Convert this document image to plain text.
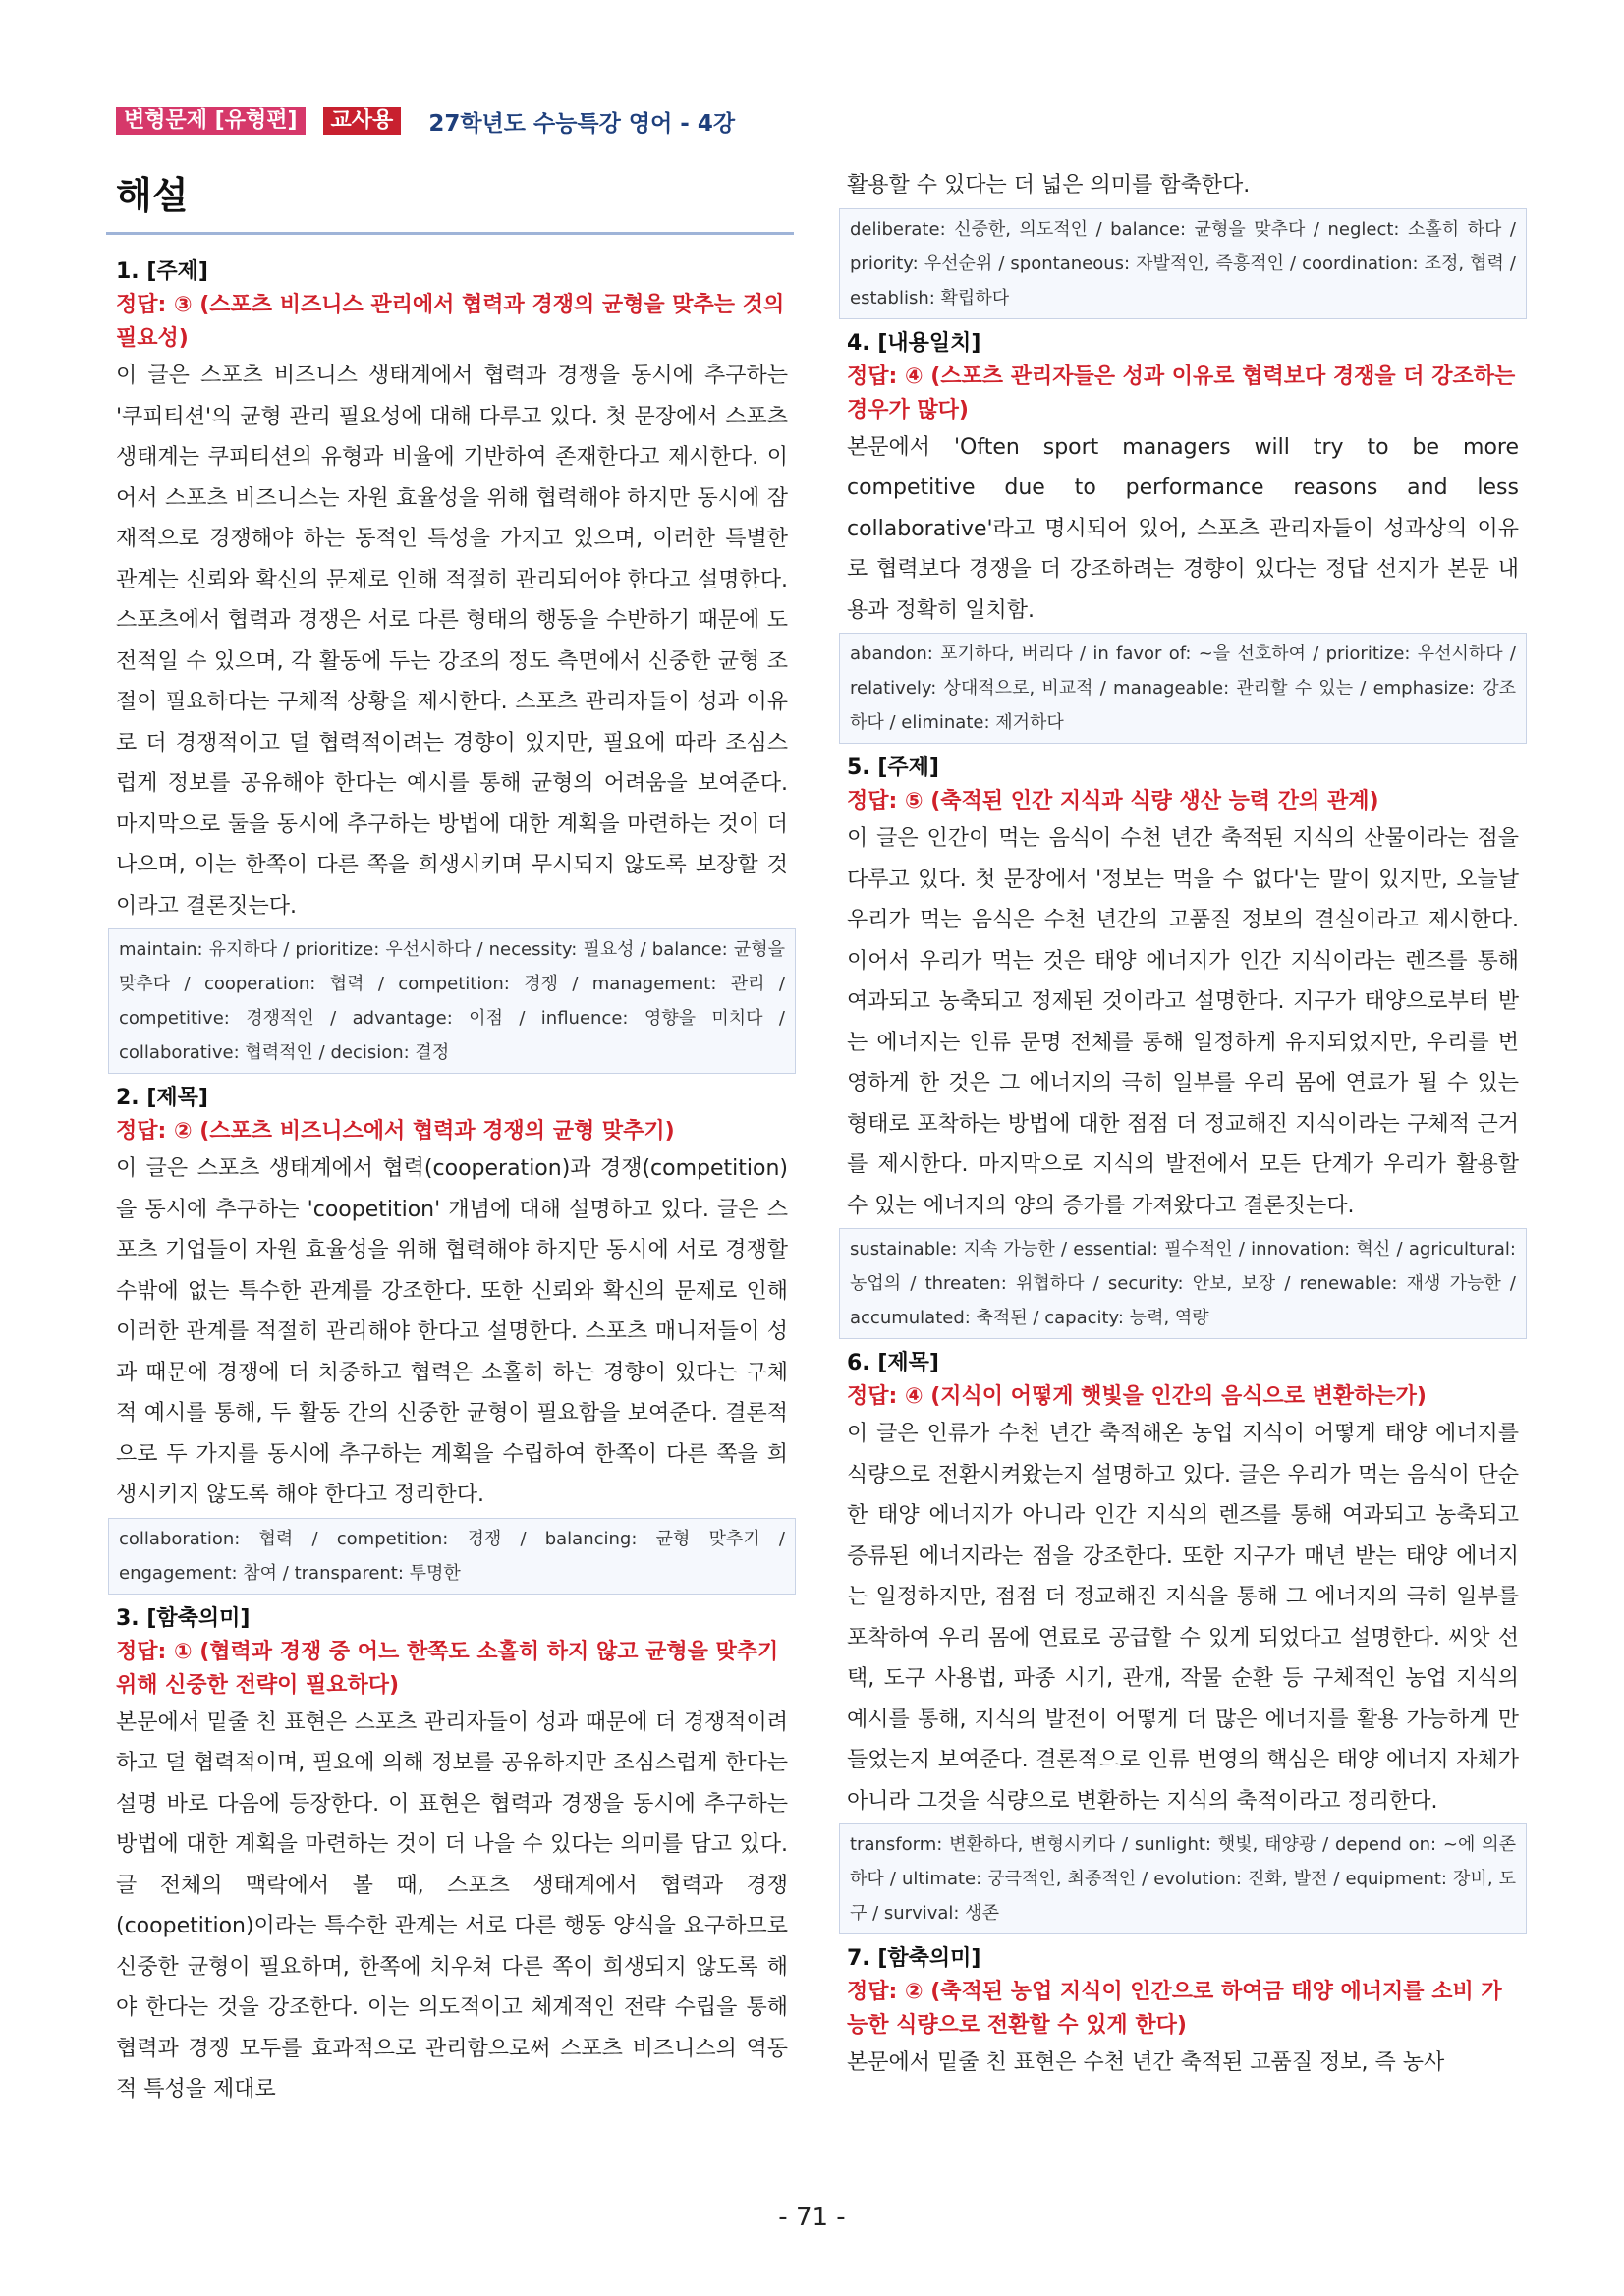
변형문제 [유형편]	교사용	27학년도 수능특강 영어 - 4강
해설
1. [주제]
정답: ③ (스포츠 비즈니스 관리에서 협력과 경쟁의 균형을 맞추는 것의 필요성)
이 글은 스포츠 비즈니스 생태계에서 협력과 경쟁을 동시에 추구하는 '쿠피티션'의 균형 관리 필요성에 대해 다루고 있다. 첫 문장에서 스포츠 생태계는 쿠피티션의 유형과 비율에 기반하여 존재한다고 제시한다. 이어서 스포츠 비즈니스는 자원 효율성을 위해 협력해야 하지만 동시에 잠재적으로 경쟁해야 하는 동적인 특성을 가지고 있으며, 이러한 특별한 관계는 신뢰와 확신의 문제로 인해 적절히 관리되어야 한다고 설명한다. 스포츠에서 협력과 경쟁은 서로 다른 형태의 행동을 수반하기 때문에 도전적일 수 있으며, 각 활동에 두는 강조의 정도 측면에서 신중한 균형 조절이 필요하다는 구체적 상황을 제시한다. 스포츠 관리자들이 성과 이유로 더 경쟁적이고 덜 협력적이려는 경향이 있지만, 필요에 따라 조심스럽게 정보를 공유해야 한다는 예시를 통해 균형의 어려움을 보여준다. 마지막으로 둘을 동시에 추구하는 방법에 대한 계획을 마련하는 것이 더 나으며, 이는 한쪽이 다른 쪽을 희생시키며 무시되지 않도록 보장할 것이라고 결론짓는다.
maintain: 유지하다 / prioritize: 우선시하다 / necessity: 필요성 / balance: 균형을 맞추다 / cooperation: 협력 / competition: 경쟁 / management: 관리 / competitive: 경쟁적인 / advantage: 이점 / influence: 영향을 미치다 / collaborative: 협력적인 / decision: 결정
2. [제목]
정답: ② (스포츠 비즈니스에서 협력과 경쟁의 균형 맞추기)
이 글은 스포츠 생태계에서 협력(cooperation)과 경쟁(competition)을 동시에 추구하는 'coopetition' 개념에 대해 설명하고 있다. 글은 스포츠 기업들이 자원 효율성을 위해 협력해야 하지만 동시에 서로 경쟁할 수밖에 없는 특수한 관계를 강조한다. 또한 신뢰와 확신의 문제로 인해 이러한 관계를 적절히 관리해야 한다고 설명한다. 스포츠 매니저들이 성과 때문에 경쟁에 더 치중하고 협력은 소홀히 하는 경향이 있다는 구체적 예시를 통해, 두 활동 간의 신중한 균형이 필요함을 보여준다. 결론적으로 두 가지를 동시에 추구하는 계획을 수립하여 한쪽이 다른 쪽을 희생시키지 않도록 해야 한다고 정리한다.
collaboration: 협력 / competition: 경쟁 / balancing: 균형 맞추기 / engagement: 참여 / transparent: 투명한
3. [함축의미]
정답: ① (협력과 경쟁 중 어느 한쪽도 소홀히 하지 않고 균형을 맞추기 위해 신중한 전략이 필요하다)
본문에서 밑줄 친 표현은 스포츠 관리자들이 성과 때문에 더 경쟁적이려 하고 덜 협력적이며, 필요에 의해 정보를 공유하지만 조심스럽게 한다는 설명 바로 다음에 등장한다. 이 표현은 협력과 경쟁을 동시에 추구하는 방법에 대한 계획을 마련하는 것이 더 나을 수 있다는 의미를 담고 있다. 글 전체의 맥락에서 볼 때, 스포츠 생태계에서 협력과 경쟁(coopetition)이라는 특수한 관계는 서로 다른 행동 양식을 요구하므로 신중한 균형이 필요하며, 한쪽에 치우쳐 다른 쪽이 희생되지 않도록 해야 한다는 것을 강조한다. 이는 의도적이고 체계적인 전략 수립을 통해 협력과 경쟁 모두를 효과적으로 관리함으로써 스포츠 비즈니스의 역동적 특성을 제대로
활용할 수 있다는 더 넓은 의미를 함축한다.
deliberate: 신중한, 의도적인 / balance: 균형을 맞추다 / neglect: 소홀히 하다 / priority: 우선순위 / spontaneous: 자발적인, 즉흥적인 / coordination: 조정, 협력 / establish: 확립하다
4. [내용일치]
정답: ④ (스포츠 관리자들은 성과 이유로 협력보다 경쟁을 더 강조하는 경우가 많다)
본문에서 'Often sport managers will try to be more competitive due to performance reasons and less collaborative'라고 명시되어 있어, 스포츠 관리자들이 성과상의 이유로 협력보다 경쟁을 더 강조하려는 경향이 있다는 정답 선지가 본문 내용과 정확히 일치함.
abandon: 포기하다, 버리다 / in favor of: ~을 선호하여 / prioritize: 우선시하다 / relatively: 상대적으로, 비교적 / manageable: 관리할 수 있는 / emphasize: 강조하다 / eliminate: 제거하다
5. [주제]
정답: ⑤ (축적된 인간 지식과 식량 생산 능력 간의 관계)
이 글은 인간이 먹는 음식이 수천 년간 축적된 지식의 산물이라는 점을 다루고 있다. 첫 문장에서 '정보는 먹을 수 없다'는 말이 있지만, 오늘날 우리가 먹는 음식은 수천 년간의 고품질 정보의 결실이라고 제시한다. 이어서 우리가 먹는 것은 태양 에너지가 인간 지식이라는 렌즈를 통해 여과되고 농축되고 정제된 것이라고 설명한다. 지구가 태양으로부터 받는 에너지는 인류 문명 전체를 통해 일정하게 유지되었지만, 우리를 번영하게 한 것은 그 에너지의 극히 일부를 우리 몸에 연료가 될 수 있는 형태로 포착하는 방법에 대한 점점 더 정교해진 지식이라는 구체적 근거를 제시한다. 마지막으로 지식의 발전에서 모든 단계가 우리가 활용할 수 있는 에너지의 양의 증가를 가져왔다고 결론짓는다.
sustainable: 지속 가능한 / essential: 필수적인 / innovation: 혁신 / agricultural: 농업의 / threaten: 위협하다 / security: 안보, 보장 / renewable: 재생 가능한 / accumulated: 축적된 / capacity: 능력, 역량
6. [제목]
정답: ④ (지식이 어떻게 햇빛을 인간의 음식으로 변환하는가)
이 글은 인류가 수천 년간 축적해온 농업 지식이 어떻게 태양 에너지를 식량으로 전환시켜왔는지 설명하고 있다. 글은 우리가 먹는 음식이 단순한 태양 에너지가 아니라 인간 지식의 렌즈를 통해 여과되고 농축되고 증류된 에너지라는 점을 강조한다. 또한 지구가 매년 받는 태양 에너지는 일정하지만, 점점 더 정교해진 지식을 통해 그 에너지의 극히 일부를 포착하여 우리 몸에 연료로 공급할 수 있게 되었다고 설명한다. 씨앗 선택, 도구 사용법, 파종 시기, 관개, 작물 순환 등 구체적인 농업 지식의 예시를 통해, 지식의 발전이 어떻게 더 많은 에너지를 활용 가능하게 만들었는지 보여준다. 결론적으로 인류 번영의 핵심은 태양 에너지 자체가 아니라 그것을 식량으로 변환하는 지식의 축적이라고 정리한다.
transform: 변환하다, 변형시키다 / sunlight: 햇빛, 태양광 / depend on: ~에 의존하다 / ultimate: 궁극적인, 최종적인 / evolution: 진화, 발전 / equipment: 장비, 도구 / survival: 생존
7. [함축의미]
정답: ② (축적된 농업 지식이 인간으로 하여금 태양 에너지를 소비 가능한 식량으로 전환할 수 있게 한다)
본문에서 밑줄 친 표현은 수천 년간 축적된 고품질 정보, 즉 농사
- 71 -
